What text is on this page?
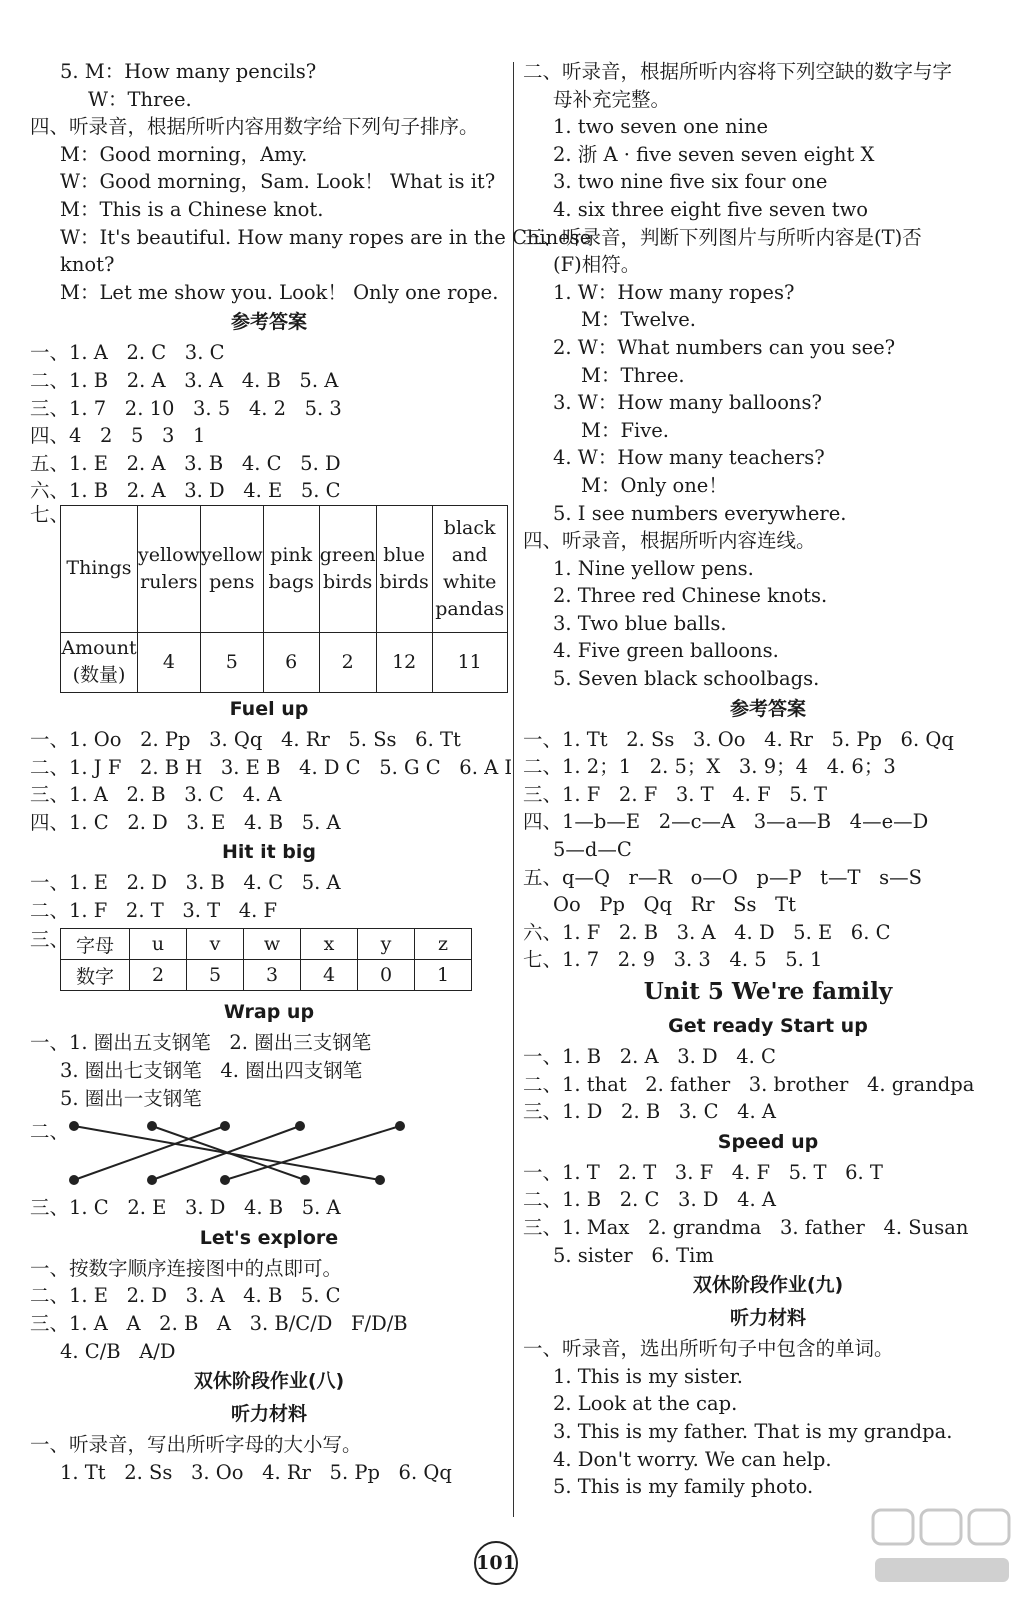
5. M：How many pencils?
W：Three.
四、听录音，根据所听内容用数字给下列句子排序。
M：Good morning，Amy.
W：Good morning，Sam. Look！ What is it?
M：This is a Chinese knot.
W：It's beautiful. How many ropes are in the Chinese
knot?
M：Let me show you. Look！ Only one rope.
参考答案
一、1. A   2. C   3. C
二、1. B   2. A   3. A   4. B   5. A
三、1. 7   2. 10   3. 5   4. 2   5. 3
四、4   2   5   3   1
五、1. E   2. A   3. B   4. C   5. D
六、1. B   2. A   3. D   4. E   5. C
七、
Things	yellow rulers	yellow pens	pink bags	green birds	blue birds	black and white pandas
Amount (数量)	4	5	6	2	12	11
Fuel up
一、1. Oo   2. Pp   3. Qq   4. Rr   5. Ss   6. Tt
二、1. J F   2. B H   3. E B   4. D C   5. G C   6. A I
三、1. A   2. B   3. C   4. A
四、1. C   2. D   3. E   4. B   5. A
Hit it big
一、1. E   2. D   3. B   4. C   5. A
二、1. F   2. T   3. T   4. F
三、 字母	u	v	w	x	y	z
数字	2	5	3	4	0	1
Wrap up
一、1. 圈出五支钢笔   2. 圈出三支钢笔
3. 圈出七支钢笔   4. 圈出四支钢笔
5. 圈出一支钢笔
二、
三、1. C   2. E   3. D   4. B   5. A
Let's explore
一、按数字顺序连接图中的点即可。
二、1. E   2. D   3. A   4. B   5. C
三、1. A   A   2. B   A   3. B/C/D   F/D/B
4. C/B   A/D
双休阶段作业(八)
听力材料
一、听录音，写出所听字母的大小写。
1. Tt   2. Ss   3. Oo   4. Rr   5. Pp   6. Qq
二、听录音，根据所听内容将下列空缺的数字与字
母补充完整。
1. two seven one nine
2. 浙 A · five seven seven eight X
3. two nine five six four one
4. six three eight five seven two
三、听录音，判断下列图片与所听内容是(T)否
(F)相符。
1. W：How many ropes?
M：Twelve.
2. W：What numbers can you see?
M：Three.
3. W：How many balloons?
M：Five.
4. W：How many teachers?
M：Only one！
5. I see numbers everywhere.
四、听录音，根据所听内容连线。
1. Nine yellow pens.
2. Three red Chinese knots.
3. Two blue balls.
4. Five green balloons.
5. Seven black schoolbags.
参考答案
一、1. Tt   2. Ss   3. Oo   4. Rr   5. Pp   6. Qq
二、1. 2；1   2. 5；X   3. 9；4   4. 6；3
三、1. F   2. F   3. T   4. F   5. T
四、1—b—E   2—c—A   3—a—B   4—e—D
5—d—C
五、q—Q   r—R   o—O   p—P   t—T   s—S
Oo   Pp   Qq   Rr   Ss   Tt
六、1. F   2. B   3. A   4. D   5. E   6. C
七、1. 7   2. 9   3. 3   4. 5   5. 1
Unit 5 We're family
Get ready Start up
一、1. B   2. A   3. D   4. C
二、1. that   2. father   3. brother   4. grandpa
三、1. D   2. B   3. C   4. A
Speed up
一、1. T   2. T   3. F   4. F   5. T   6. T
二、1. B   2. C   3. D   4. A
三、1. Max   2. grandma   3. father   4. Susan
5. sister   6. Tim
双休阶段作业(九)
听力材料
一、听录音，选出所听句子中包含的单词。
1. This is my sister.
2. Look at the cap.
3. This is my father. That is my grandpa.
4. Don't worry. We can help.
5. This is my family photo.
101
